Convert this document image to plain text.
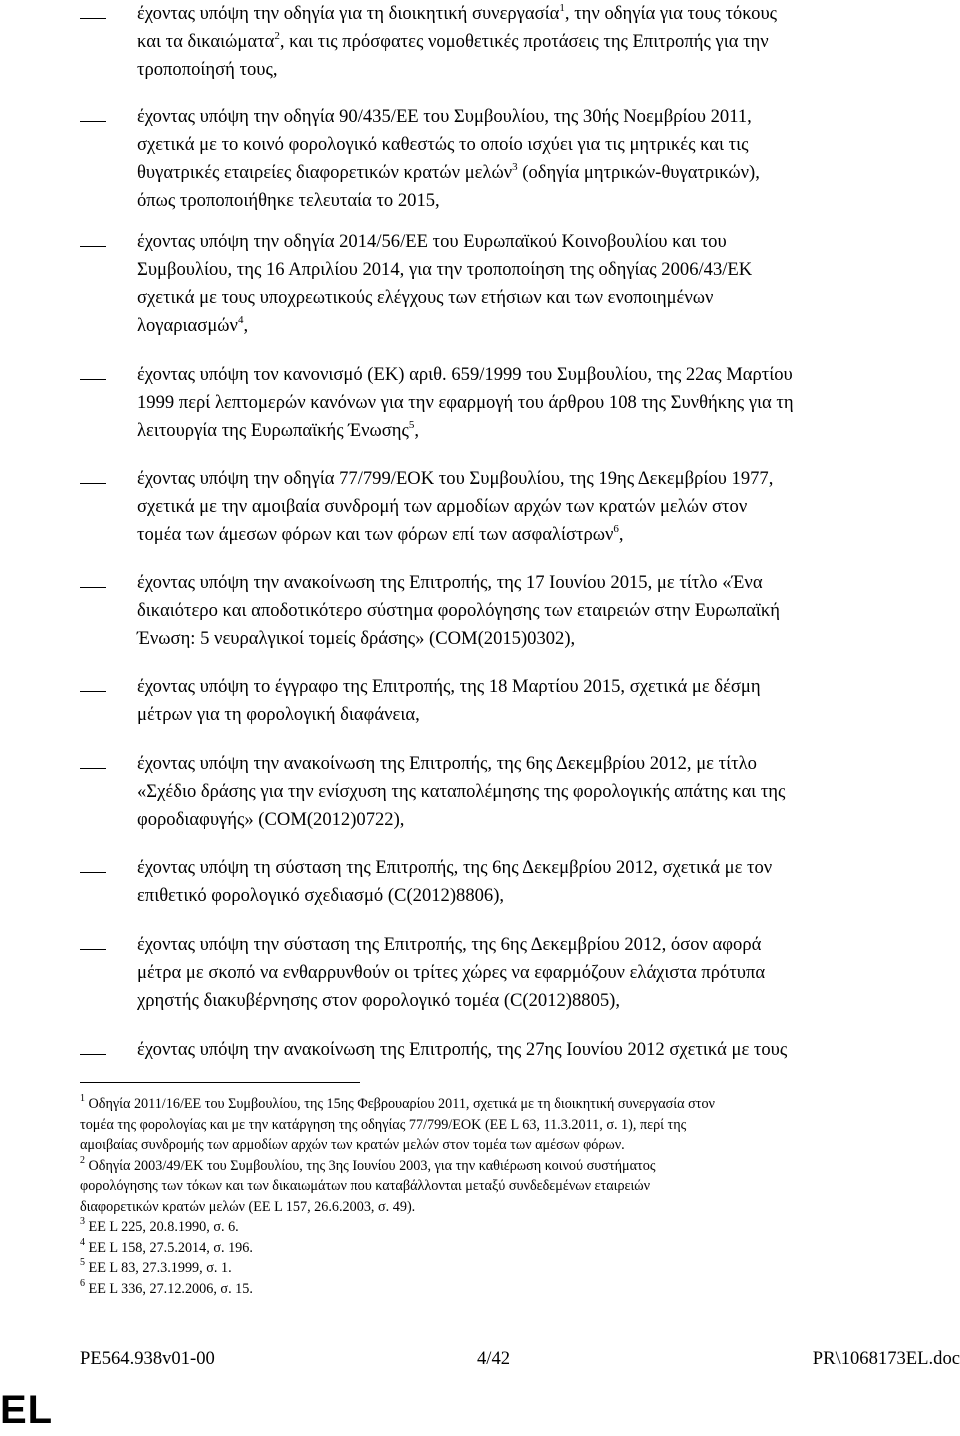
έχοντας υπόψη την οδηγία για τη διοικητική συνεργασία$^1$, την οδηγία για τους τόκους
και τα δικαιώματα$^2$, και τις πρόσφατες νομοθετικές προτάσεις της Επιτροπής για την
τροποποίησή τους,
έχοντας υπόψη την οδηγία 90/435/ΕΕ του Συμβουλίου, της 30ής Νοεμβρίου 2011,
σχετικά με το κοινό φορολογικό καθεστώς το οποίο ισχύει για τις μητρικές και τις
θυγατρικές εταιρείες διαφορετικών κρατών μελών$^3$ (οδηγία μητρικών-θυγατρικών),
όπως τροποποιήθηκε τελευταία το 2015,
έχοντας υπόψη την οδηγία 2014/56/ΕΕ του Ευρωπαϊκού Κοινοβουλίου και του
Συμβουλίου, της 16 Απριλίου 2014, για την τροποποίηση της οδηγίας 2006/43/ΕΚ
σχετικά με τους υποχρεωτικούς ελέγχους των ετήσιων και των ενοποιημένων
λογαριασμών$^4$,
έχοντας υπόψη τον κανονισμό (ΕΚ) αριθ. 659/1999 του Συμβουλίου, της 22ας Μαρτίου
1999 περί λεπτομερών κανόνων για την εφαρμογή του άρθρου 108 της Συνθήκης για τη
λειτουργία της Ευρωπαϊκής Ένωσης$^5$,
έχοντας υπόψη την οδηγία 77/799/ΕΟΚ του Συμβουλίου, της 19ης Δεκεμβρίου 1977,
σχετικά με την αμοιβαία συνδρομή των αρμοδίων αρχών των κρατών μελών στον
τομέα των άμεσων φόρων και των φόρων επί των ασφαλίστρων$^6$,
έχοντας υπόψη την ανακοίνωση της Επιτροπής, της 17 Ιουνίου 2015, με τίτλο «Ένα
δικαιότερο και αποδοτικότερο σύστημα φορολόγησης των εταιρειών στην Ευρωπαϊκή
Ένωση: 5 νευραλγικοί τομείς δράσης» (COM(2015)0302),
έχοντας υπόψη το έγγραφο της Επιτροπής, της 18 Μαρτίου 2015, σχετικά με δέσμη
μέτρων για τη φορολογική διαφάνεια,
έχοντας υπόψη την ανακοίνωση της Επιτροπής, της 6ης Δεκεμβρίου 2012, με τίτλο
«Σχέδιο δράσης για την ενίσχυση της καταπολέμησης της φορολογικής απάτης και της
φοροδιαφυγής» (COM(2012)0722),
έχοντας υπόψη τη σύσταση της Επιτροπής, της 6ης Δεκεμβρίου 2012, σχετικά με τον
επιθετικό φορολογικό σχεδιασμό (C(2012)8806),
έχοντας υπόψη την σύσταση της Επιτροπής, της 6ης Δεκεμβρίου 2012, όσον αφορά
μέτρα με σκοπό να ενθαρρυνθούν οι τρίτες χώρες να εφαρμόζουν ελάχιστα πρότυπα
χρηστής διακυβέρνησης στον φορολογικό τομέα (C(2012)8805),
έχοντας υπόψη την ανακοίνωση της Επιτροπής, της 27ης Ιουνίου 2012 σχετικά με τους
$^1$ Οδηγία 2011/16/ΕΕ του Συμβουλίου, της 15ης Φεβρουαρίου 2011, σχετικά με τη διοικητική συνεργασία στον
τομέα της φορολογίας και με την κατάργηση της οδηγίας 77/799/ΕΟΚ (ΕΕ L 63, 11.3.2011, σ. 1), περί της
αμοιβαίας συνδρομής των αρμοδίων αρχών των κρατών μελών στον τομέα των αμέσων φόρων.
$^2$ Οδηγία 2003/49/ΕΚ του Συμβουλίου, της 3ης Ιουνίου 2003, για την καθιέρωση κοινού συστήματος
φορολόγησης των τόκων και των δικαιωμάτων που καταβάλλονται μεταξύ συνδεδεμένων εταιρειών
διαφορετικών κρατών μελών (ΕΕ L 157, 26.6.2003, σ. 49).
$^3$ ΕΕ L 225, 20.8.1990, σ. 6.
$^4$ ΕΕ L 158, 27.5.2014, σ. 196.
$^5$ ΕΕ L 83, 27.3.1999, σ. 1.
$^6$ ΕΕ L 336, 27.12.2006, σ. 15.
PE564.938v01-00	4/42	PR\1068173EL.doc
EL
